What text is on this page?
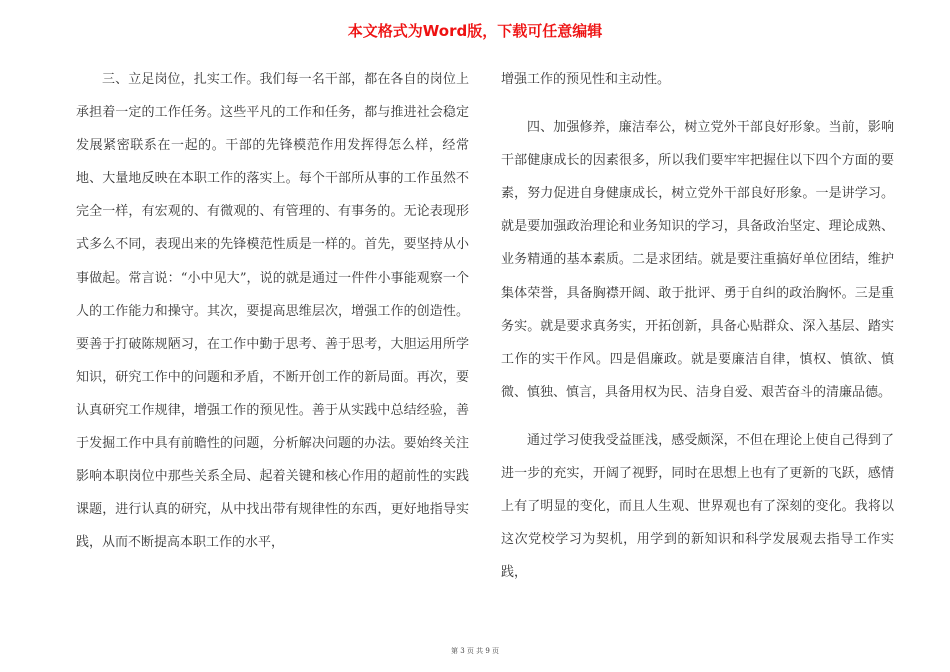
本文格式为Word版，下载可任意编辑

三、立足岗位，扎实工作。我们每一名干部，都在各自的岗位上承担着一定的工作任务。这些平凡的工作和任务，都与推进社会稳定发展紧密联系在一起的。干部的先锋模范作用发挥得怎么样，经常地、大量地反映在本职工作的落实上。每个干部所从事的工作虽然不完全一样，有宏观的、有微观的、有管理的、有事务的。无论表现形式多么不同，表现出来的先锋模范性质是一样的。首先，要坚持从小事做起。常言说：“小中见大”，说的就是通过一件件小事能观察一个人的工作能力和操守。其次，要提高思维层次，增强工作的创造性。要善于打破陈规陋习，在工作中勤于思考、善于思考，大胆运用所学知识，研究工作中的问题和矛盾，不断开创工作的新局面。再次，要认真研究工作规律，增强工作的预见性。善于从实践中总结经验，善于发掘工作中具有前瞻性的问题，分析解决问题的办法。要始终关注影响本职岗位中那些关系全局、起着关键和核心作用的超前性的实践课题，进行认真的研究，从中找出带有规律性的东西，更好地指导实践，从而不断提高本职工作的水平，

增强工作的预见性和主动性。

四、加强修养，廉洁奉公，树立党外干部良好形象。当前，影响干部健康成长的因素很多，所以我们要牢牢把握住以下四个方面的要素，努力促进自身健康成长，树立党外干部良好形象。一是讲学习。就是要加强政治理论和业务知识的学习，具备政治坚定、理论成熟、业务精通的基本素质。二是求团结。就是要注重搞好单位团结，维护集体荣誉，具备胸襟开阔、敢于批评、勇于自纠的政治胸怀。三是重务实。就是要求真务实，开拓创新，具备心贴群众、深入基层、踏实工作的实干作风。四是倡廉政。就是要廉洁自律，慎权、慎欲、慎微、慎独、慎言，具备用权为民、洁身自爱、艰苦奋斗的清廉品德。

通过学习使我受益匪浅，感受颇深，不但在理论上使自己得到了进一步的充实，开阔了视野，同时在思想上也有了更新的飞跃，感情上有了明显的变化，而且人生观、世界观也有了深刻的变化。我将以这次党校学习为契机，用学到的新知识和科学发展观去指导工作实践，

第 3 页 共 9 页
